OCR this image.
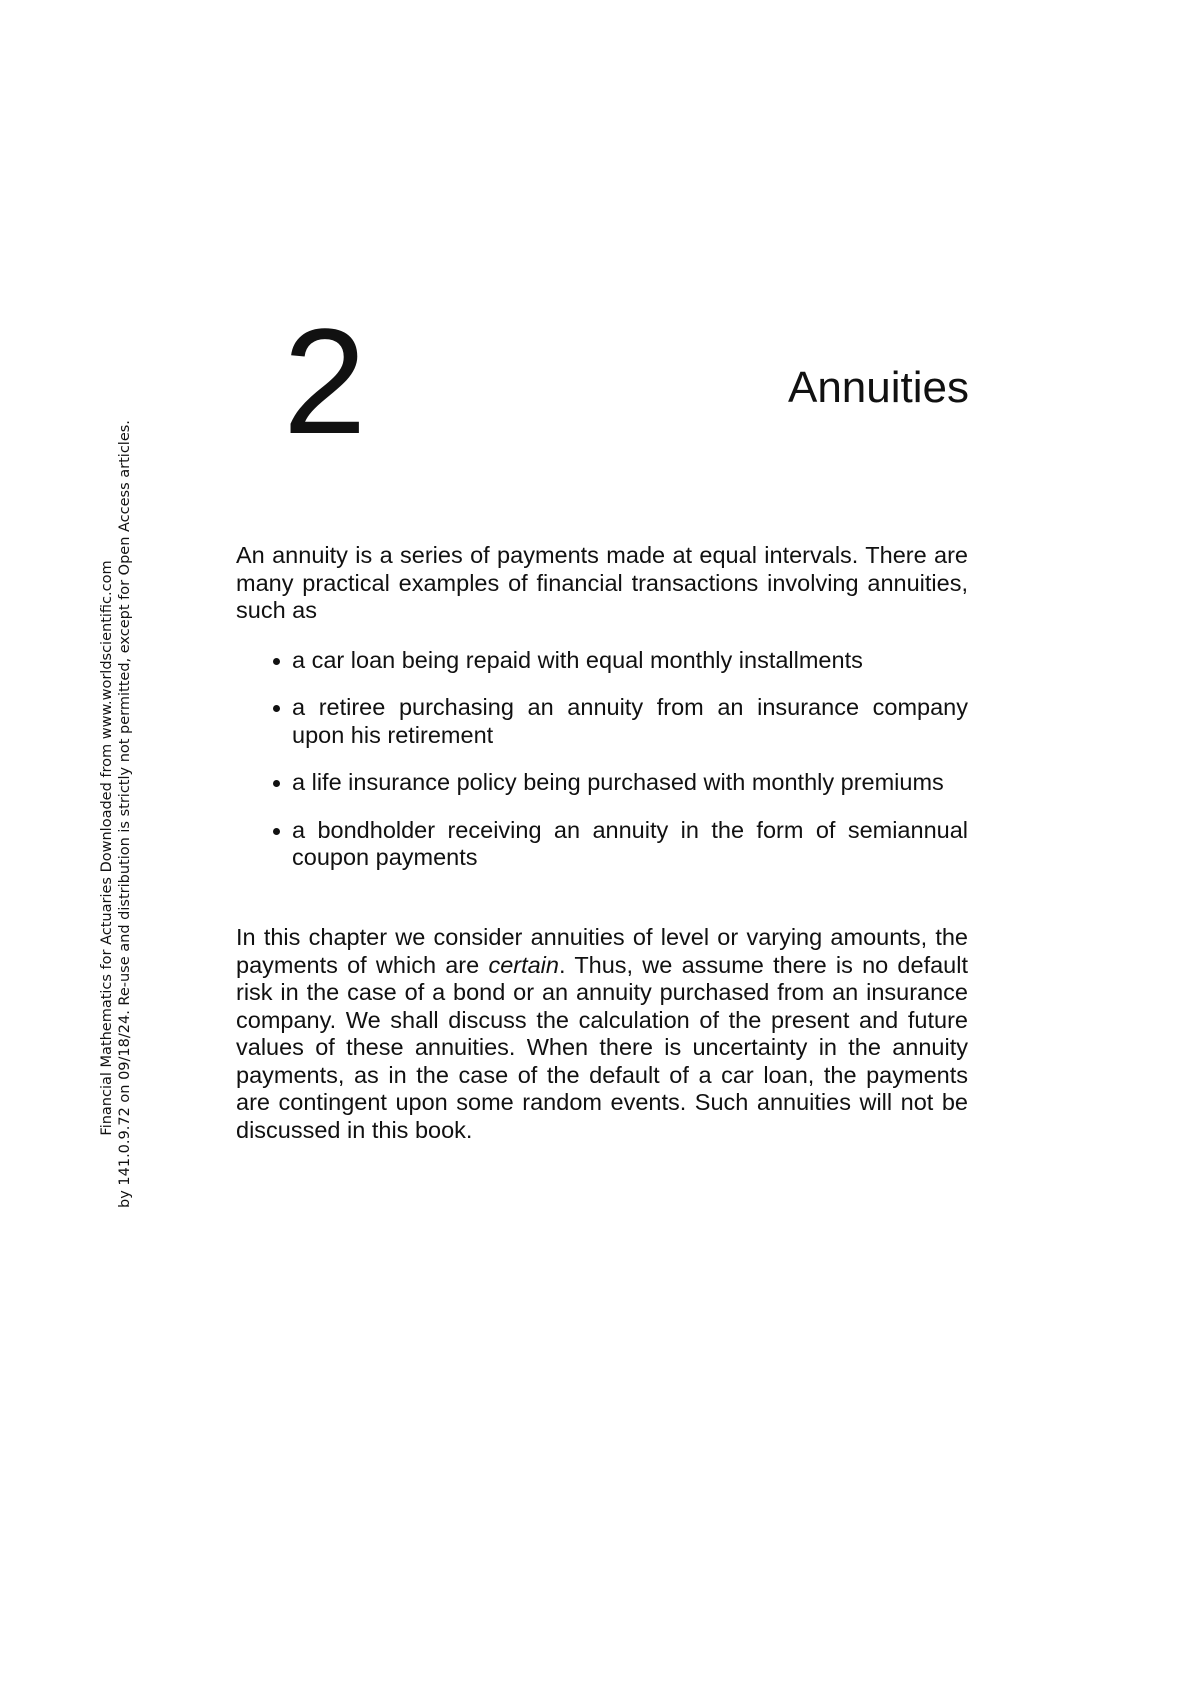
2	Annuities

An annuity is a series of payments made at equal intervals. There are many practical examples of financial transactions involving annuities, such as

a car loan being repaid with equal monthly installments
a retiree purchasing an annuity from an insurance company upon his retirement
a life insurance policy being purchased with monthly premiums
a bondholder receiving an annuity in the form of semiannual coupon payments

In this chapter we consider annuities of level or varying amounts, the payments of which are certain. Thus, we assume there is no default risk in the case of a bond or an annuity purchased from an insurance company. We shall discuss the calculation of the present and future values of these annuities. When there is uncertainty in the annuity payments, as in the case of the default of a car loan, the payments are contingent upon some random events. Such annuities will not be discussed in this book.

Financial Mathematics for Actuaries Downloaded from www.worldscientific.com by 141.0.9.72 on 09/18/24. Re-use and distribution is strictly not permitted, except for Open Access articles.
